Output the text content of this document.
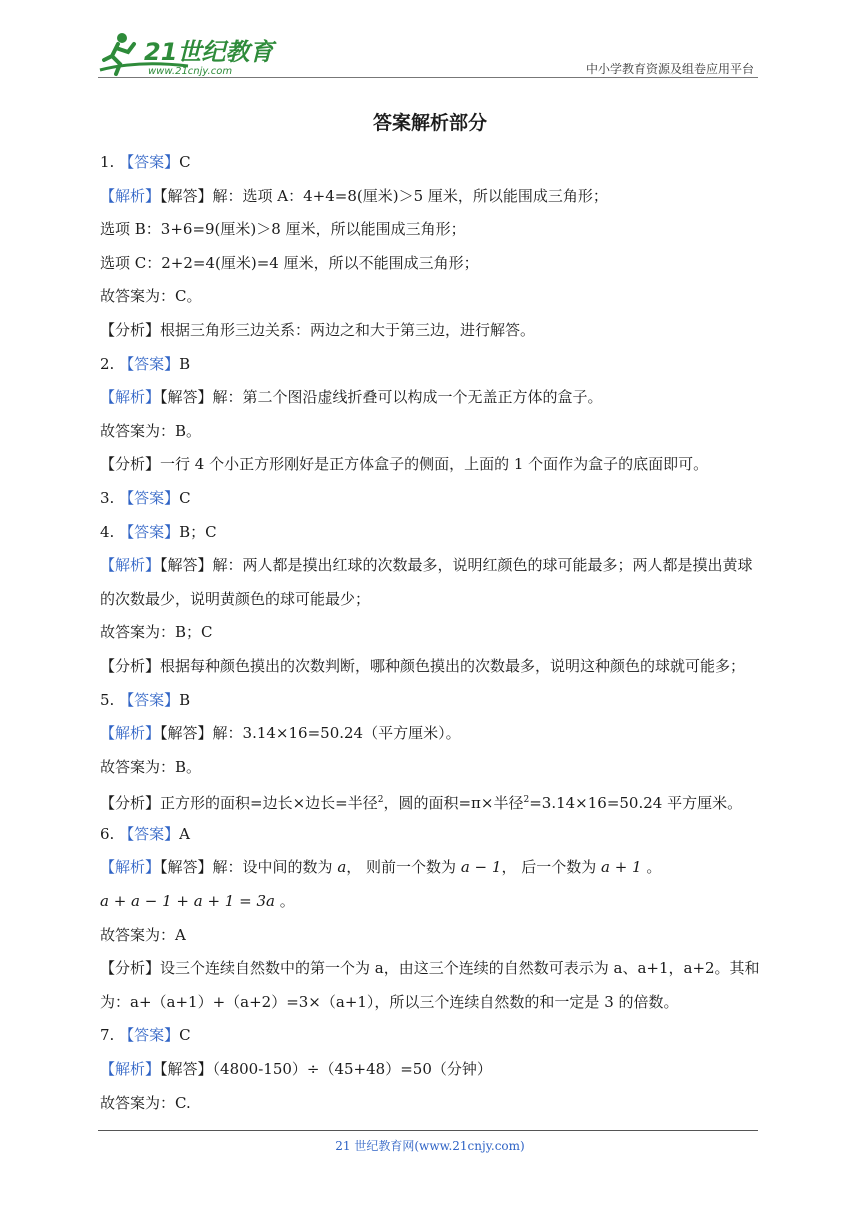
21世纪教育
www.21cnjy.com	中小学教育资源及组卷应用平台
答案解析部分
1. 【答案】C
【解析】【解答】解：选项 A：4+4=8(厘米)＞5 厘米，所以能围成三角形；
选项 B：3+6=9(厘米)＞8 厘米，所以能围成三角形；
选项 C：2+2=4(厘米)=4 厘米，所以不能围成三角形；
故答案为：C。
【分析】根据三角形三边关系：两边之和大于第三边，进行解答。
2. 【答案】B
【解析】【解答】解：第二个图沿虚线折叠可以构成一个无盖正方体的盒子。
故答案为：B。
【分析】一行 4 个小正方形刚好是正方体盒子的侧面，上面的 1 个面作为盒子的底面即可。
3. 【答案】C
4. 【答案】B；C
【解析】【解答】解：两人都是摸出红球的次数最多，说明红颜色的球可能最多；两人都是摸出黄球的次数最少，说明黄颜色的球可能最少；
故答案为：B；C
【分析】根据每种颜色摸出的次数判断，哪种颜色摸出的次数最多，说明这种颜色的球就可能多；
5. 【答案】B
【解析】【解答】解：3.14×16=50.24（平方厘米）。
故答案为：B。
【分析】正方形的面积=边长×边长=半径$^2$，圆的面积=π×半径$^2$=3.14×16=50.24 平方厘米。
6. 【答案】A
【解析】【解答】解：设中间的数为 a， 则前一个数为 a − 1， 后一个数为 a + 1 。
a + a − 1 + a + 1 = 3a 。
故答案为：A
【分析】设三个连续自然数中的第一个为 a，由这三个连续的自然数可表示为 a、a+1，a+2。其和为：a+（a+1）+（a+2）=3×（a+1），所以三个连续自然数的和一定是 3 的倍数。
7. 【答案】C
【解析】【解答】（4800-150）÷（45+48）=50（分钟）
故答案为：C.
21 世纪教育网(www.21cnjy.com)
